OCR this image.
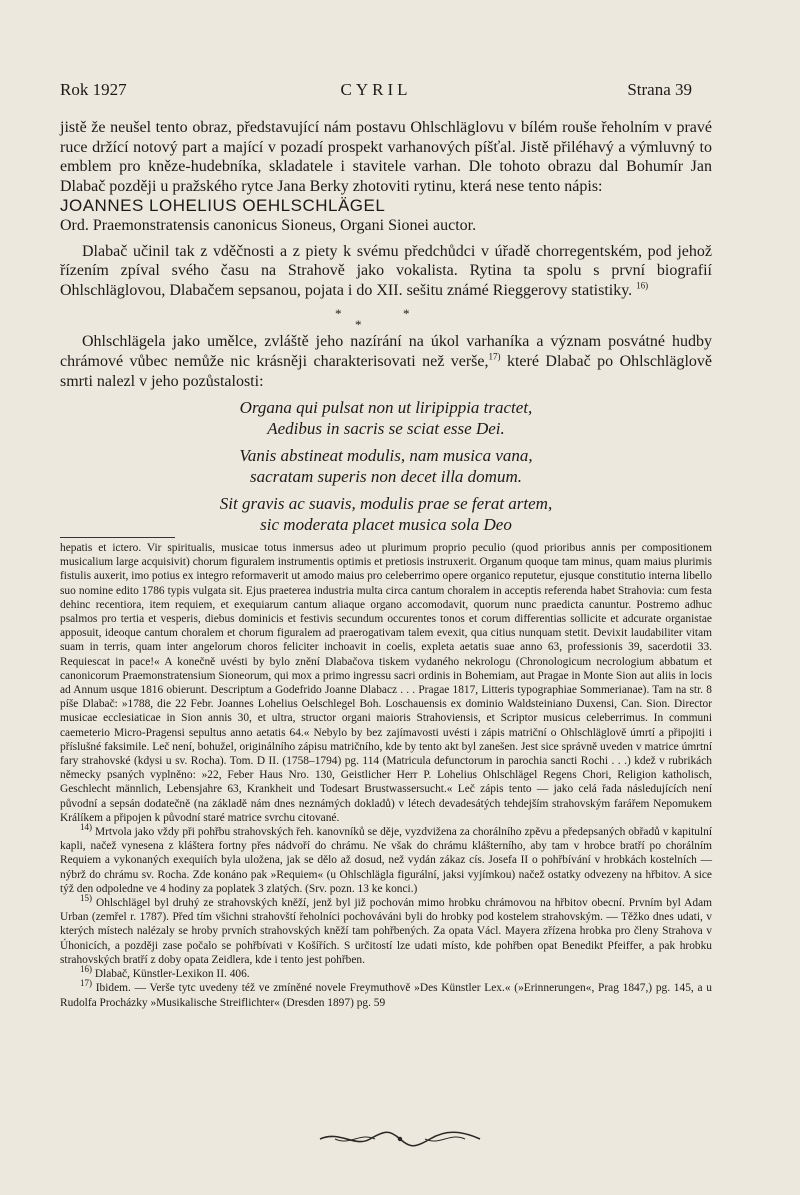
Rok 1927	CYRIL	Strana 39

jistě že neušel tento obraz, představující nám postavu Ohlschläglovu v bílém rouše řeholním v pravé ruce držící notový part a mající v pozadí prospekt varhanových píšťal. Jistě přiléhavý a výmluvný to emblem pro kněze-hudebníka, skladatele i stavitele varhan. Dle tohoto obrazu dal Bohumír Jan Dlabač později u pražského rytce Jana Berky zhotoviti rytinu, která nese tento nápis:

JOANNES LOHELIUS OEHLSCHLÄGEL

Ord. Praemonstratensis canonicus Sioneus, Organi Sionei auctor.

Dlabač učinil tak z vděčnosti a z piety k svému předchůdci v úřadě chorregentském, pod jehož řízením zpíval svého času na Strahově jako vokalista. Rytina ta spolu s první biografií Ohlschläglovou, Dlabačem sepsanou, pojata i do XII. sešitu známé Rieggerovy statistiky. $^{16)}$

*	*
*

Ohlschlägela jako umělce, zvláště jeho nazírání na úkol varhaníka a význam posvátné hudby chrámové vůbec nemůže nic krásněji charakterisovati než verše,$^{17)}$ které Dlabač po Ohlschläglově smrti nalezl v jeho pozůstalosti:

Organa qui pulsat non ut liripippia tractet,
Aedibus in sacris se sciat esse Dei.
Vanis abstineat modulis, nam musica vana,
sacratam superis non decet illa domum.
Sit gravis ac suavis, modulis prae se ferat artem,
sic moderata placet musica sola Deo

hepatis et ictero. Vir spiritualis, musicae totus inmersus adeo ut plurimum proprio peculio (quod prioribus annis per compositionem musicalium large acquisivit) chorum figuralem instrumentis optimis et pretiosis instruxerit. Organum quoque tam minus, quam maius plurimis fistulis auxerit, imo potius ex integro reformaverit ut amodo maius pro celeberrimo opere organico reputetur, ejusque constitutio interna libello suo nomine edito 1786 typis vulgata sit. Ejus praeterea industria multa circa cantum choralem in acceptis referenda habet Strahovia: cum festa dehinc recentiora, item requiem, et exequiarum cantum aliaque organo accomodavit, quorum nunc praedicta canuntur. Postremo adhuc psalmos pro tertia et vesperis, diebus dominicis et festivis secundum occurentes tonos et corum differentias sollicite et adcurate organistae apposuit, ideoque cantum choralem et chorum figuralem ad praerogativam talem evexit, qua citius nunquam stetit. Devixit laudabiliter vitam suam in terris, quam inter angelorum choros feliciter inchoavit in coelis, expleta aetatis suae anno 63, professionis 39, sacerdotii 33. Requiescat in pace!« A konečně uvésti by bylo znění Dlabačova tiskem vydaného nekrologu (Chronologicum necrologium abbatum et canonicorum Praemonstratensium Sioneorum, qui mox a primo ingressu sacri ordinis in Bohemiam, aut Pragae in Monte Sion aut aliis in locis ad Annum usque 1816 obierunt. Descriptum a Godefrido Joanne Dlabacz . . . Pragae 1817, Litteris typographiae Sommerianae). Tam na str. 8 píše Dlabač: »1788, die 22 Febr. Joannes Lohelius Oelschlegel Boh. Loschauensis ex dominio Waldsteiniano Duxensi, Can. Sion. Director musicae ecclesiaticae in Sion annis 30, et ultra, structor organi maioris Strahoviensis, et Scriptor musicus celeberrimus. In communi caemeterio Micro-Pragensi sepultus anno aetatis 64.« Nebylo by bez zajímavosti uvésti i zápis matriční o Ohlschläglově úmrtí a připojiti i příslušné faksimile. Leč není, bohužel, originálního zápisu matričního, kde by tento akt byl zanešen. Jest sice správně uveden v matrice úmrtní fary strahovské (kdysi u sv. Rocha). Tom. D II. (1758–1794) pg. 114 (Matricula defunctorum in parochia sancti Rochi . . .) kdež v rubrikách německy psaných vyplněno: »22, Feber Haus Nro. 130, Geistlicher Herr P. Lohelius Ohlschlägel Regens Chori, Religion katholisch, Geschlecht männlich, Lebensjahre 63, Krankheit und Todesart Brustwassersucht.« Leč zápis tento — jako celá řada následujících není původní a sepsán dodatečně (na základě nám dnes neznámých dokladů) v létech devadesátých tehdejším strahovským farářem Nepomukem Králíkem a připojen k původní staré matrice svrchu citované.

$^{14)}$ Mrtvola jako vždy při pohřbu strahovských řeh. kanovníků se děje, vyzdvižena za chorálního zpěvu a předepsaných obřadů v kapitulní kapli, načež vynesena z kláštera fortny přes nádvoří do chrámu. Ne však do chrámu klášterního, aby tam v hrobce bratří po chorálním Requiem a vykonaných exequiích byla uložena, jak se dělo až dosud, než vydán zákaz cís. Josefa II o pohřbívání v hrobkách kostelních — nýbrž do chrámu sv. Rocha. Zde konáno pak »Requiem« (u Ohlschlägla figurální, jaksi vyjímkou) načež ostatky odvezeny na hřbitov. A sice týž den odpoledne ve 4 hodiny za poplatek 3 zlatých. (Srv. pozn. 13 ke konci.)

$^{15)}$ Ohlschlägel byl druhý ze strahovských kněží, jenž byl již pochován mimo hrobku chrámovou na hřbitov obecní. Prvním byl Adam Urban (zemřel r. 1787). Před tím všichni strahovští řeholníci pochováváni byli do hrobky pod kostelem strahovským. — Těžko dnes udati, v kterých místech nalézaly se hroby prvních strahovských kněží tam pohřbených. Za opata Václ. Mayera zřízena hrobka pro členy Strahova v Úhonicích, a později zase počalo se pohřbívati v Košířích. S určitostí lze udati místo, kde pohřben opat Benedikt Pfeiffer, a pak hrobku strahovských bratří z doby opata Zeidlera, kde i tento jest pohřben.

$^{16)}$ Dlabač, Künstler-Lexikon II. 406.

$^{17)}$ Ibidem. — Verše tytc uvedeny též ve zmíněné novele Freymuthově »Des Künstler Lex.« (»Erinnerungen«, Prag 1847,) pg. 145, a u Rudolfa Procházky »Musikalische Streiflichter« (Dresden 1897) pg. 59
